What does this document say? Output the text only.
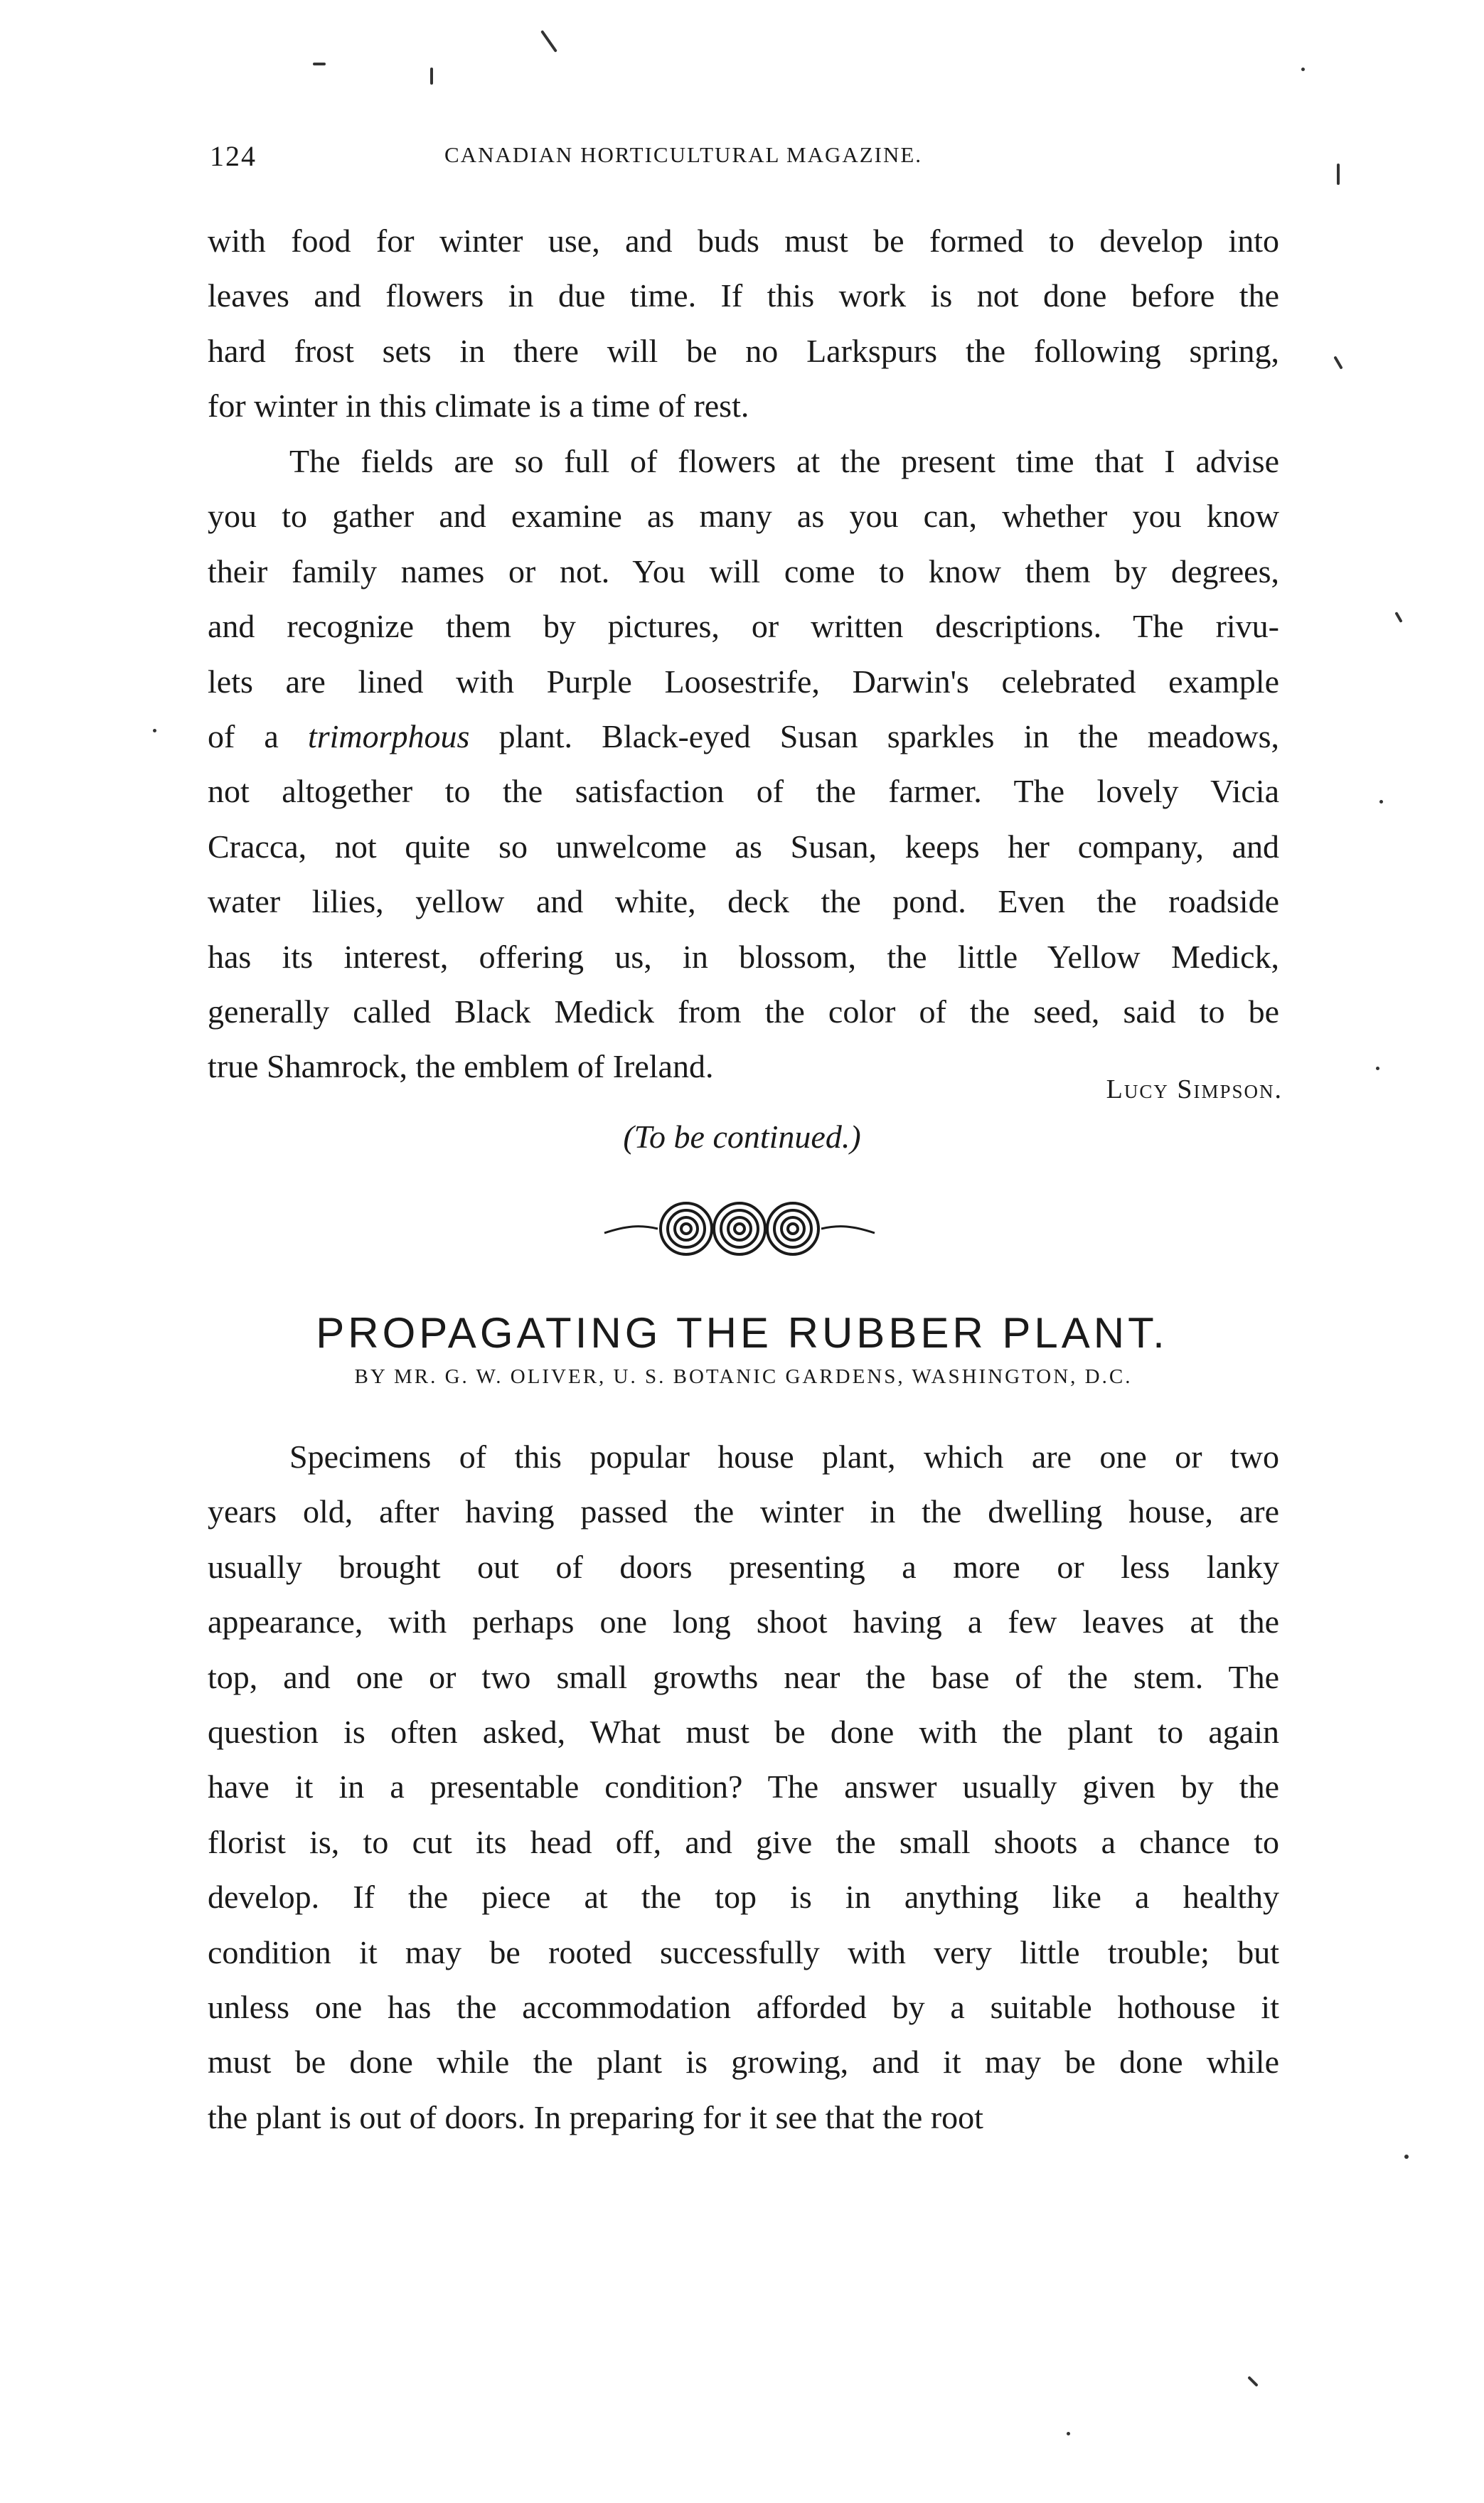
124	CANADIAN HORTICULTURAL MAGAZINE.

with food for winter use, and buds must be formed to develop into
leaves and flowers in due time. If this work is not done before the
hard frost sets in there will be no Larkspurs the following spring,
for winter in this climate is a time of rest.

The fields are so full of flowers at the present time that I advise
you to gather and examine as many as you can, whether you know
their family names or not. You will come to know them by degrees,
and recognize them by pictures, or written descriptions. The rivu-
lets are lined with Purple Loosestrife, Darwin's celebrated example
of a trimorphous plant. Black-eyed Susan sparkles in the meadows,
not altogether to the satisfaction of the farmer. The lovely Vicia
Cracca, not quite so unwelcome as Susan, keeps her company, and
water lilies, yellow and white, deck the pond. Even the roadside
has its interest, offering us, in blossom, the little Yellow Medick,
generally called Black Medick from the color of the seed, said to be
true Shamrock, the emblem of Ireland.

Lucy Simpson.
(To be continued.)
PROPAGATING THE RUBBER PLANT.
BY MR. G. W. OLIVER, U. S. BOTANIC GARDENS, WASHINGTON, D.C.

Specimens of this popular house plant, which are one or two
years old, after having passed the winter in the dwelling house, are
usually brought out of doors presenting a more or less lanky
appearance, with perhaps one long shoot having a few leaves at the
top, and one or two small growths near the base of the stem. The
question is often asked, What must be done with the plant to again
have it in a presentable condition? The answer usually given by the
florist is, to cut its head off, and give the small shoots a chance to
develop. If the piece at the top is in anything like a healthy
condition it may be rooted successfully with very little trouble; but
unless one has the accommodation afforded by a suitable hothouse it
must be done while the plant is growing, and it may be done while
the plant is out of doors. In preparing for it see that the root
